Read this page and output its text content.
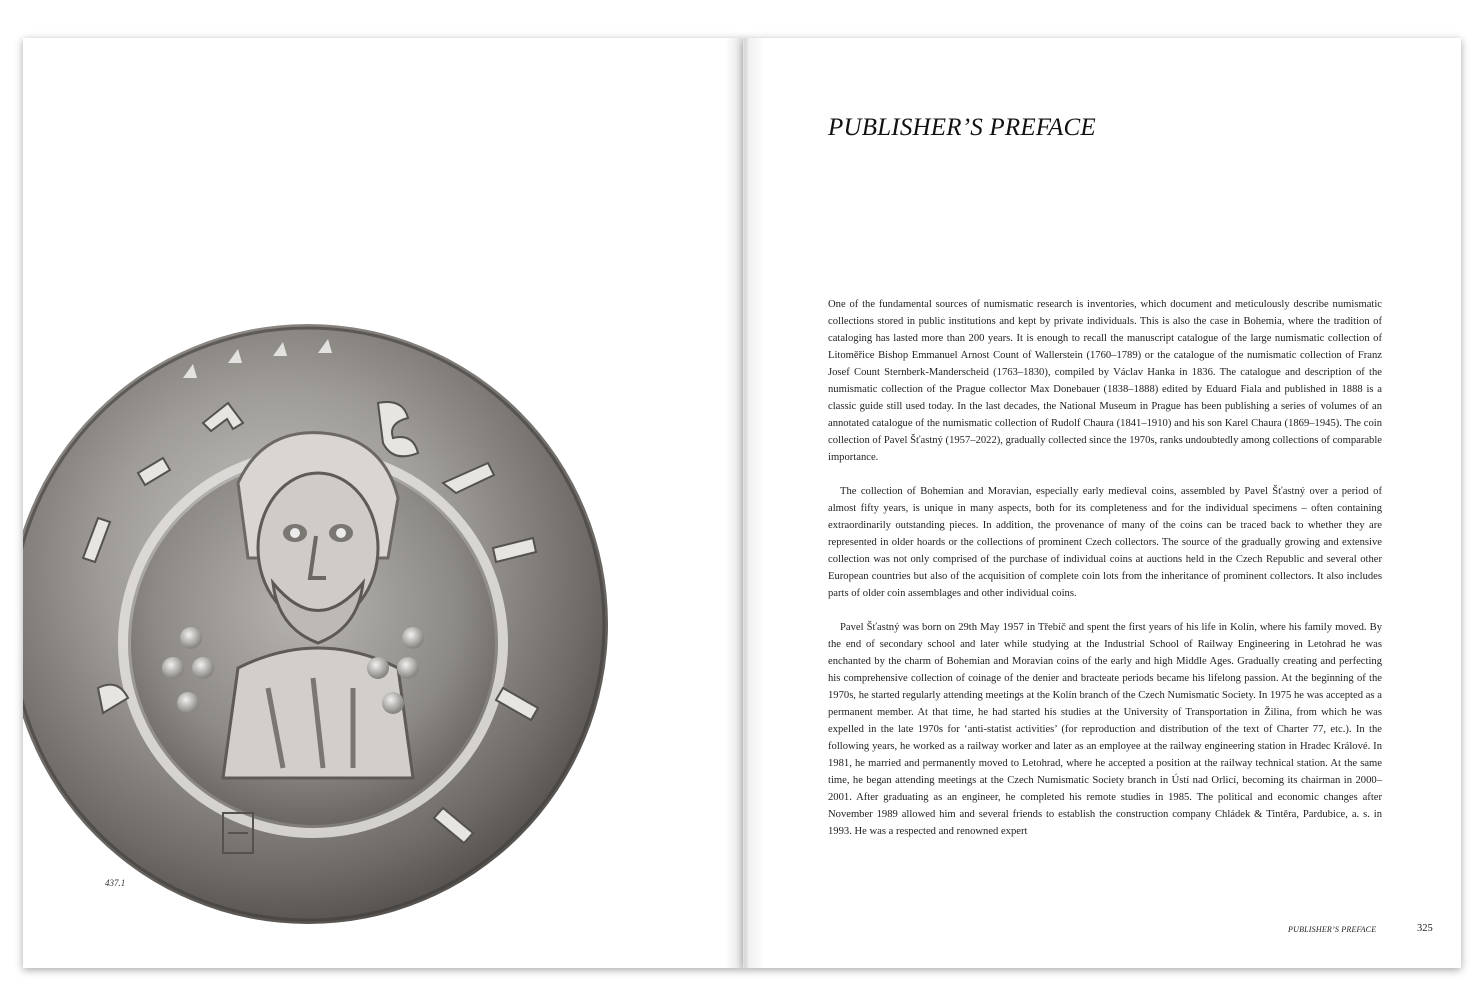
437.1
PUBLISHER’S PREFACE

One of the fundamental sources of numismatic research is inventories, which document and meticulously describe numismatic collections stored in public institutions and kept by private individuals. This is also the case in Bohemia, where the tradition of cataloging has lasted more than 200 years. It is enough to recall the manuscript catalogue of the large numismatic collection of Litoměřice Bishop Emmanuel Arnost Count of Wallerstein (1760–1789) or the catalogue of the numismatic collection of Franz Josef Count Sternberk-Manderscheid (1763–1830), compiled by Václav Hanka in 1836. The catalogue and description of the numismatic collection of the Prague collector Max Donebauer (1838–1888) edited by Eduard Fiala and published in 1888 is a classic guide still used today. In the last decades, the National Museum in Prague has been publishing a series of volumes of an annotated catalogue of the numismatic collection of Rudolf Chaura (1841–1910) and his son Karel Chaura (1869–1945). The coin collection of Pavel Šťastný (1957–2022), gradually collected since the 1970s, ranks undoubtedly among collections of comparable importance.

The collection of Bohemian and Moravian, especially early medieval coins, assembled by Pavel Šťastný over a period of almost fifty years, is unique in many aspects, both for its completeness and for the individual specimens – often containing extraordinarily outstanding pieces. In addition, the provenance of many of the coins can be traced back to whether they are represented in older hoards or the collections of prominent Czech collectors. The source of the gradually growing and extensive collection was not only comprised of the purchase of individual coins at auctions held in the Czech Republic and several other European countries but also of the acquisition of complete coin lots from the inheritance of prominent collectors. It also includes parts of older coin assemblages and other individual coins.

Pavel Šťastný was born on 29th May 1957 in Třebíč and spent the first years of his life in Kolín, where his family moved. By the end of secondary school and later while studying at the Industrial School of Railway Engineering in Letohrad he was enchanted by the charm of Bohemian and Moravian coins of the early and high Middle Ages. Gradually creating and perfecting his comprehensive collection of coinage of the denier and bracteate periods became his lifelong passion. At the beginning of the 1970s, he started regularly attending meetings at the Kolín branch of the Czech Numismatic Society. In 1975 he was accepted as a permanent member. At that time, he had started his studies at the University of Transportation in Žilina, from which he was expelled in the late 1970s for ‘anti-statist activities’ (for reproduction and distribution of the text of Charter 77, etc.). In the following years, he worked as a railway worker and later as an employee at the railway engineering station in Hradec Králové. In 1981, he married and permanently moved to Letohrad, where he accepted a position at the railway technical station. At the same time, he began attending meetings at the Czech Numismatic Society branch in Ústí nad Orlicí, becoming its chairman in 2000–2001. After graduating as an engineer, he completed his remote studies in 1985. The political and economic changes after November 1989 allowed him and several friends to establish the construction company Chládek & Tintěra, Pardubice, a. s. in 1993. He was a respected and renowned expert

PUBLISHER’S PREFACE	325
